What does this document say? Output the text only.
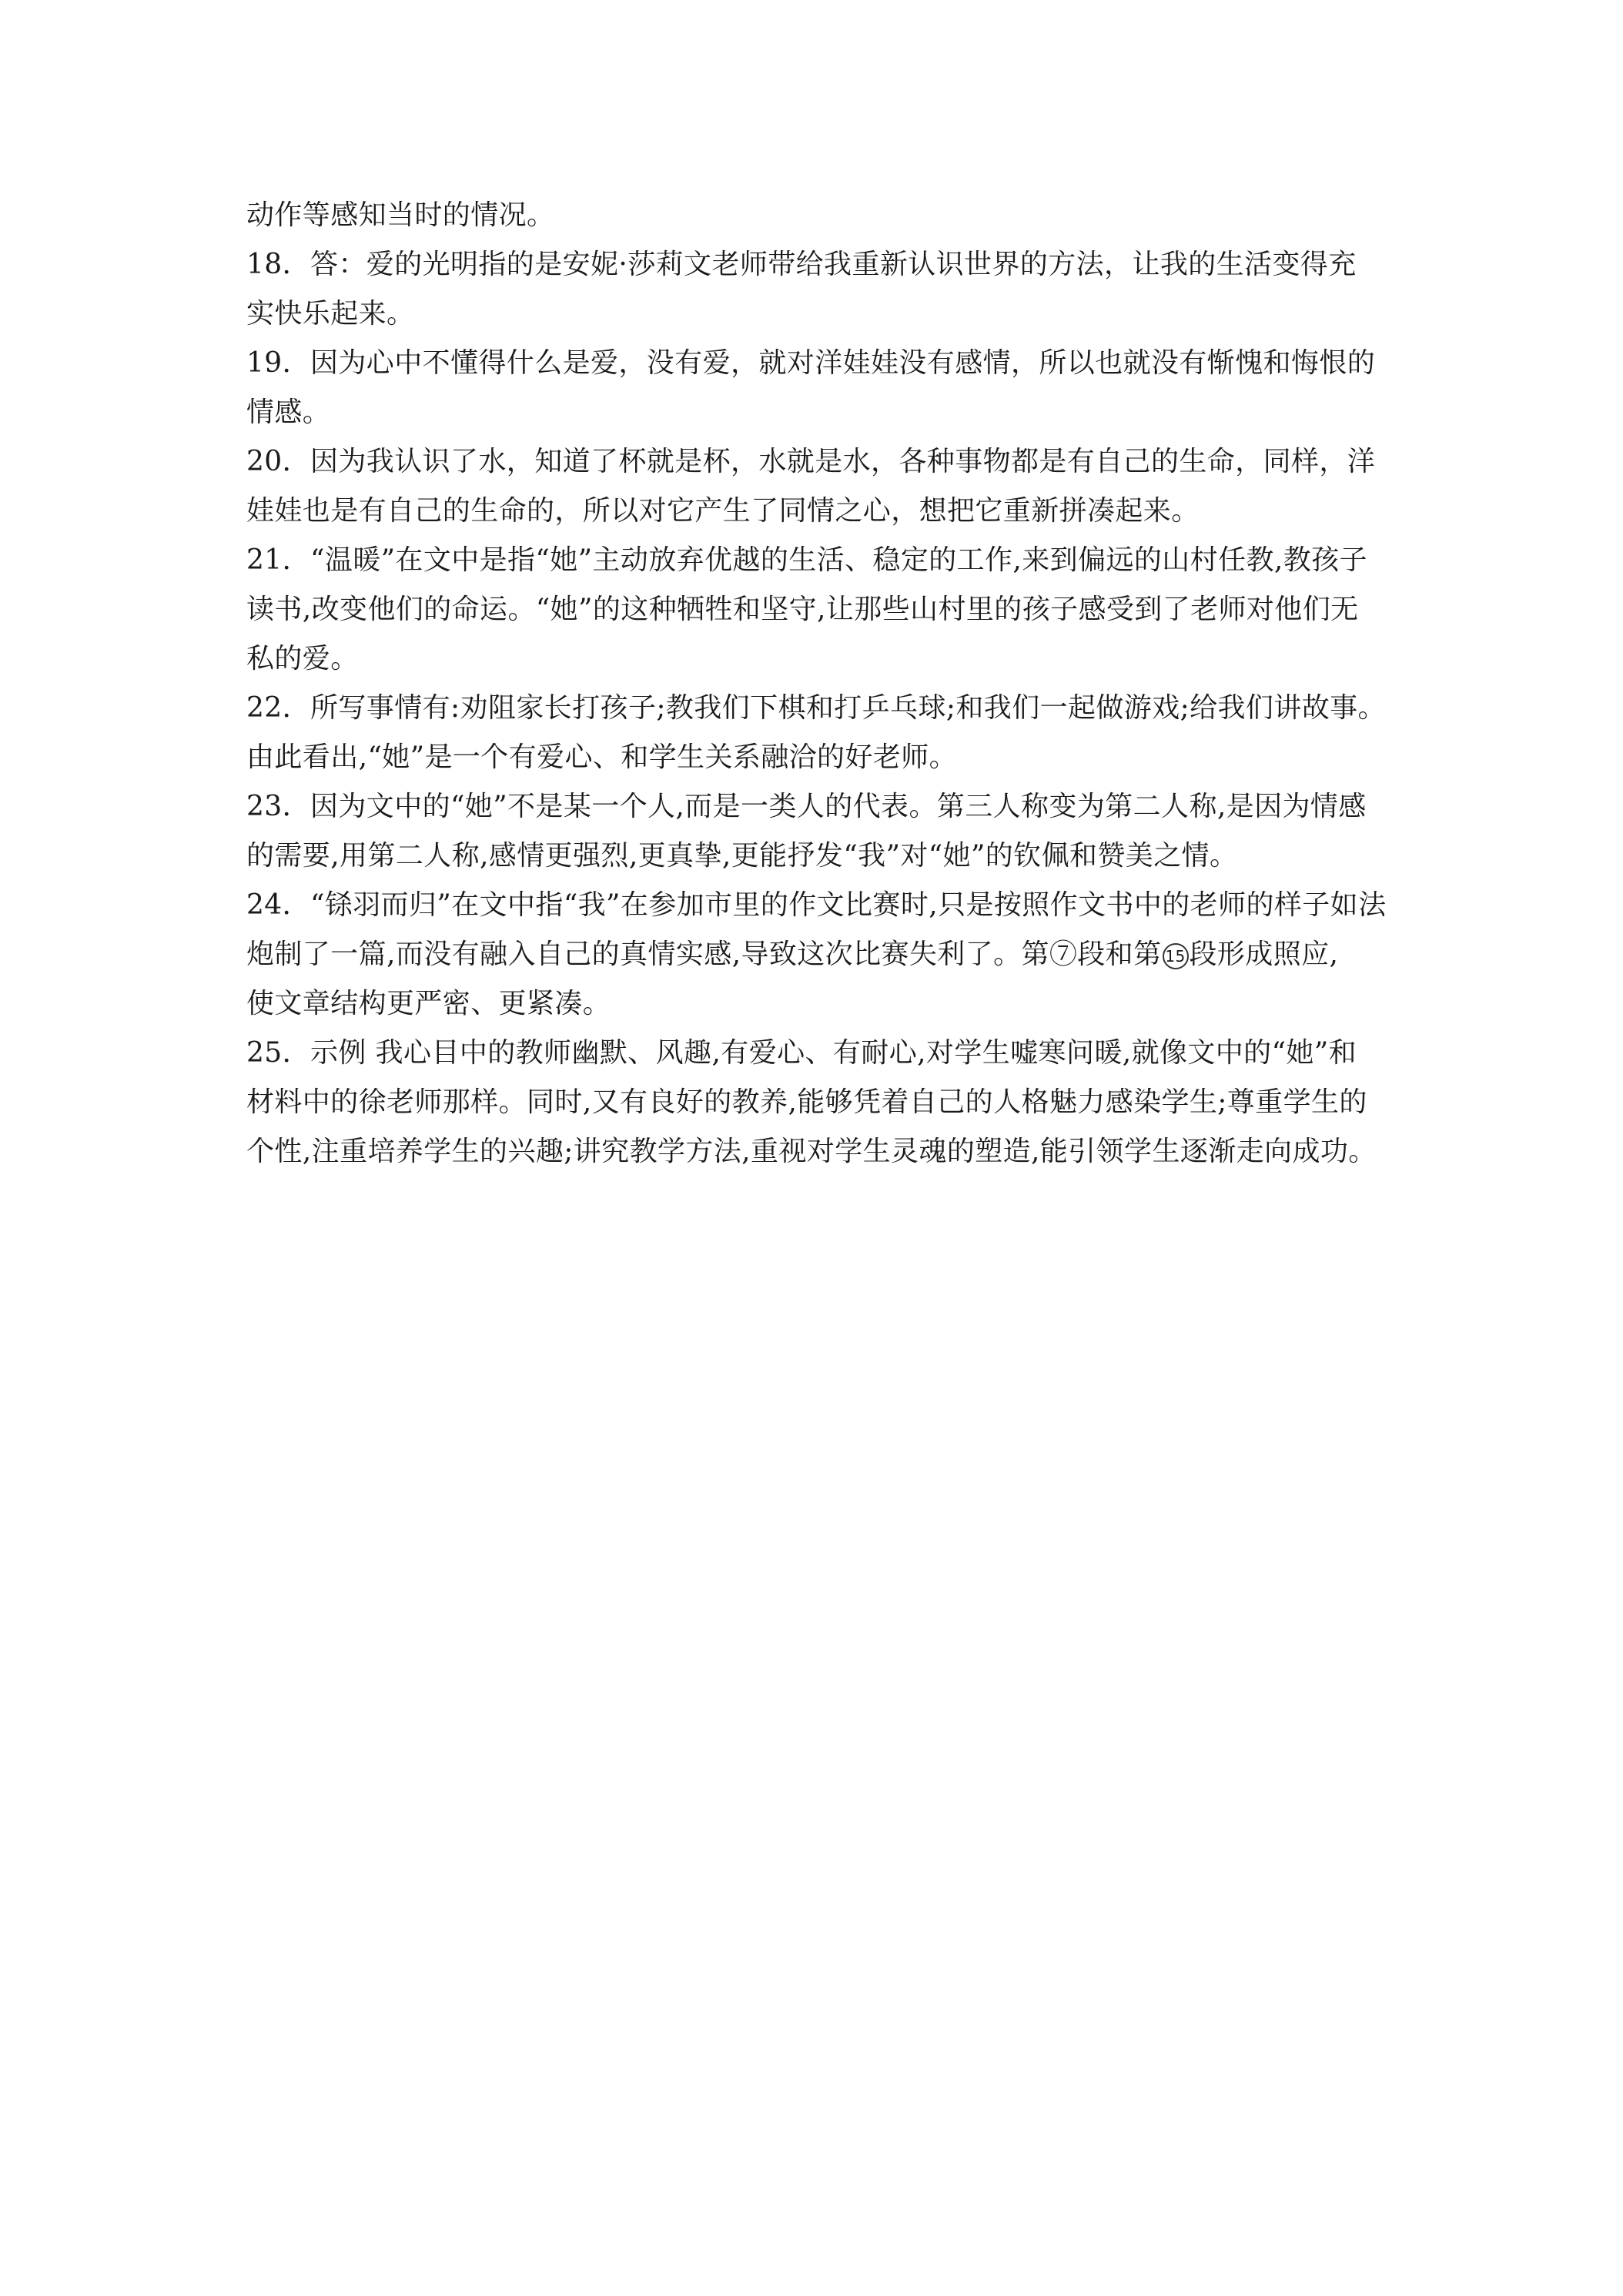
动作等感知当时的情况。
18．答：爱的光明指的是安妮·莎莉文老师带给我重新认识世界的方法，让我的生活变得充
实快乐起来。
19．因为心中不懂得什么是爱，没有爱，就对洋娃娃没有感情，所以也就没有惭愧和悔恨的
情感。
20．因为我认识了水，知道了杯就是杯，水就是水，各种事物都是有自己的生命，同样，洋
娃娃也是有自己的生命的，所以对它产生了同情之心，想把它重新拼凑起来。
21．“温暖”在文中是指“她”主动放弃优越的生活、稳定的工作,来到偏远的山村任教,教孩子
读书,改变他们的命运。“她”的这种牺牲和坚守,让那些山村里的孩子感受到了老师对他们无
私的爱。
22．所写事情有:劝阻家长打孩子;教我们下棋和打乒乓球;和我们一起做游戏;给我们讲故事。
由此看出,“她”是一个有爱心、和学生关系融洽的好老师。
23．因为文中的“她”不是某一个人,而是一类人的代表。第三人称变为第二人称,是因为情感
的需要,用第二人称,感情更强烈,更真挚,更能抒发“我”对“她”的钦佩和赞美之情。
24．“铩羽而归”在文中指“我”在参加市里的作文比赛时,只是按照作文书中的老师的样子如法
炮制了一篇,而没有融入自己的真情实感,导致这次比赛失利了。第⑦段和第 15 段形成照应,
使文章结构更严密、更紧凑。
25．示例 我心目中的教师幽默、风趣,有爱心、有耐心,对学生嘘寒问暖,就像文中的“她”和
材料中的徐老师那样。同时,又有良好的教养,能够凭着自己的人格魅力感染学生;尊重学生的
个性,注重培养学生的兴趣;讲究教学方法,重视对学生灵魂的塑造,能引领学生逐渐走向成功。
